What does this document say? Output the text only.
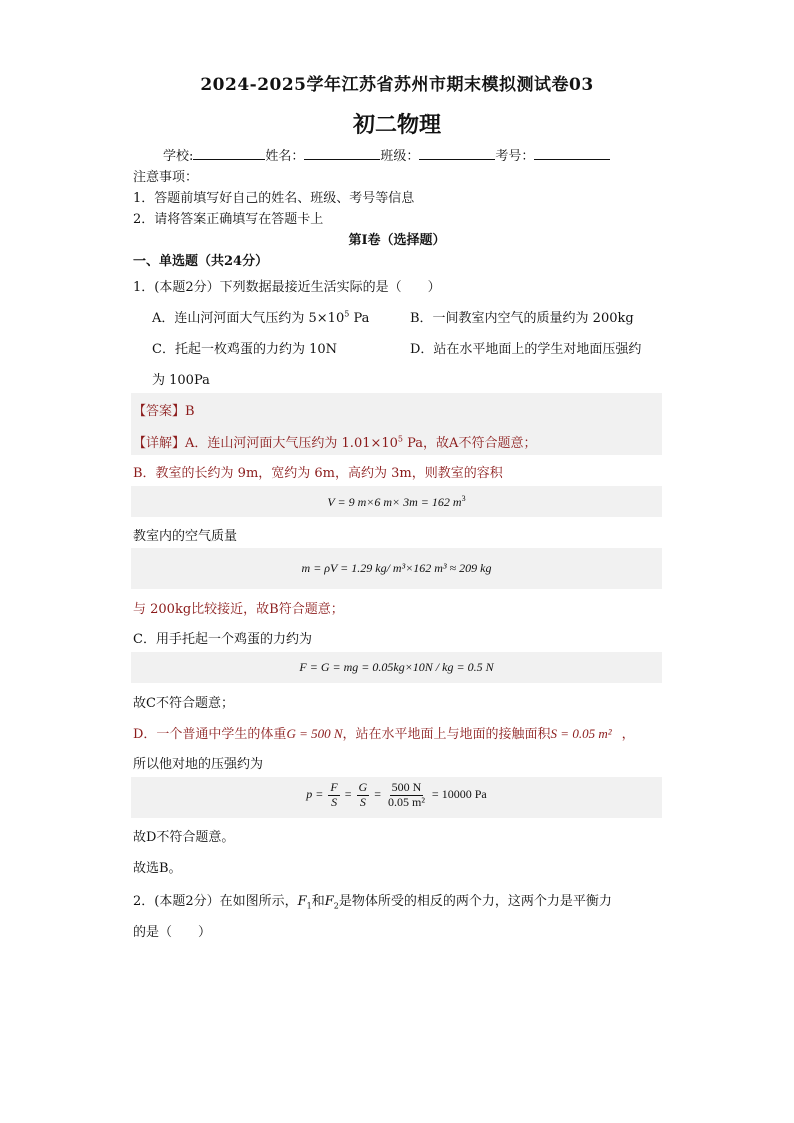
2024-2025学年江苏省苏州市期末模拟测试卷03
初二物理
学校:	姓名：	班级：	考号：
注意事项：
1．答题前填写好自己的姓名、班级、考号等信息
2．请将答案正确填写在答题卡上
第I卷（选择题）
一、单选题（共24分）
1．(本题2分）下列数据最接近生活实际的是（　　）
A．连山河河面大气压约为 $5\times 10^5$ Pa	B．一间教室内空气的质量约为 200kg
C．托起一枚鸡蛋的力约为 10N	D．站在水平地面上的学生对地面压强约
为 100Pa
【答案】B
【详解】A．连山河河面大气压约为 $1.01\times 10^5$ Pa，故A不符合题意；
B．教室的长约为 9m，宽约为 6m，高约为 3m，则教室的容积
V = 9 m×6 m× 3m = 162 $m^3$
教室内的空气质量
m = ρV = 1.29 kg/ m³×162 m³ ≈ 209 kg
与 200kg比较接近，故B符合题意；
C．用手托起一个鸡蛋的力约为
F = G = mg = 0.05kg×10N / kg = 0.5 N
故C不符合题意；
D．一个普通中学生的体重G = 500 N，站在水平地面上与地面的接触面积S = 0.05 m² ，
所以他对地的压强约为
$p = \frac{F}{S} = \frac{G}{S} = \frac{500 N}{\text{0.05 m²}} = 10000$ Pa
故D不符合题意。
故选B。
2．(本题2分）在如图所示，$F_1$和$F_2$是物体所受的相反的两个力，这两个力是平衡力
的是（　　）
